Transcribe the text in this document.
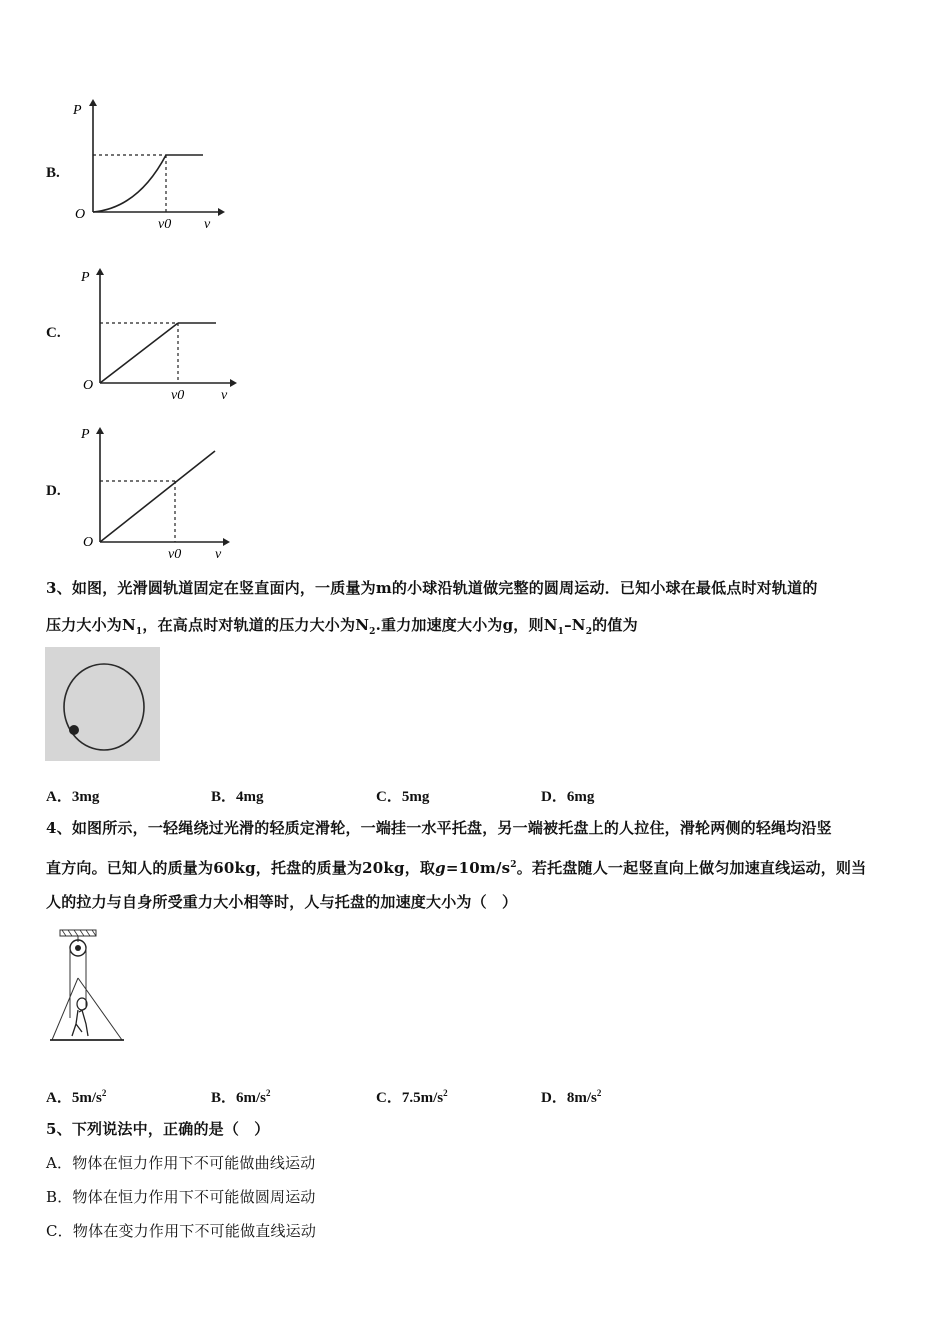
B.
P
O
v0 v
C.
P
O
v0	v
D.
P
O
v0 v
3、如图，光滑圆轨道固定在竖直面内，一质量为m的小球沿轨道做完整的圆周运动．已知小球在最低点时对轨道的
压力大小为$N_1$，在高点时对轨道的压力大小为$N_2$.重力加速度大小为g，则$N_1-N_2$的值为
A．3mg	B．4mg	C．5mg	D．6mg
4、如图所示，一轻绳绕过光滑的轻质定滑轮，一端挂一水平托盘，另一端被托盘上的人拉住，滑轮两侧的轻绳均沿竖
直方向。已知人的质量为60kg，托盘的质量为20kg，取$g=10m/s^2$。若托盘随人一起竖直向上做匀加速直线运动，则当
人的拉力与自身所受重力大小相等时，人与托盘的加速度大小为（　）
A．$5m/s^2$	B．$6m/s^2$	C．$7.5m/s^2$	D．$8m/s^2$
5、下列说法中，正确的是（　）
A．物体在恒力作用下不可能做曲线运动
B．物体在恒力作用下不可能做圆周运动
C．物体在变力作用下不可能做直线运动
